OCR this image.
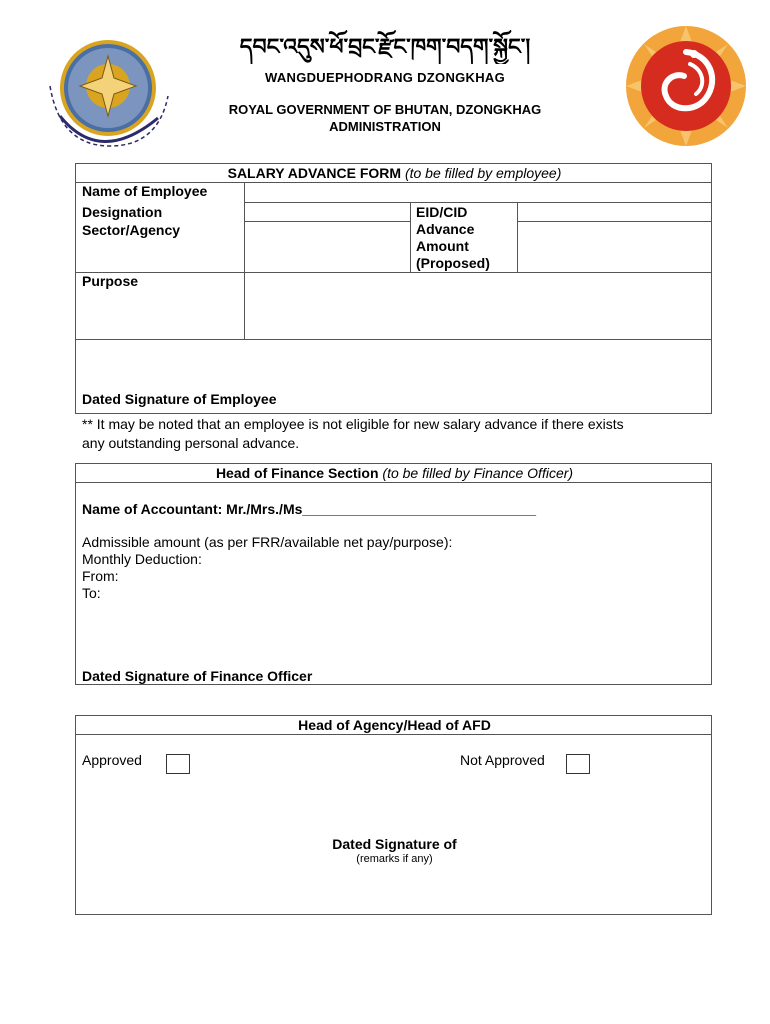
དབང་འདུས་ཕོ་བྲང་རྫོང་ཁག་བདག་སྐྱོང་།
WANGDUEPHODRANG DZONGKHAG
ROYAL GOVERNMENT OF BHUTAN, DZONGKHAG
ADMINISTRATION
SALARY ADVANCE FORM (to be filled by employee)
Name of Employee
Designation
Sector/Agency
EID/CID
Advance
Amount
(Proposed)
Purpose
Dated Signature of Employee
** It may be noted that an employee is not eligible for new salary advance if there exists
any outstanding personal advance.
Head of Finance Section (to be filled by Finance Officer)
Name of Accountant: Mr./Mrs./Ms______________________________
Admissible amount (as per FRR/available net pay/purpose):
Monthly Deduction:
From:
To:
Dated Signature of Finance Officer
Head of Agency/Head of AFD
Approved	Not Approved
Dated Signature of
(remarks if any)
